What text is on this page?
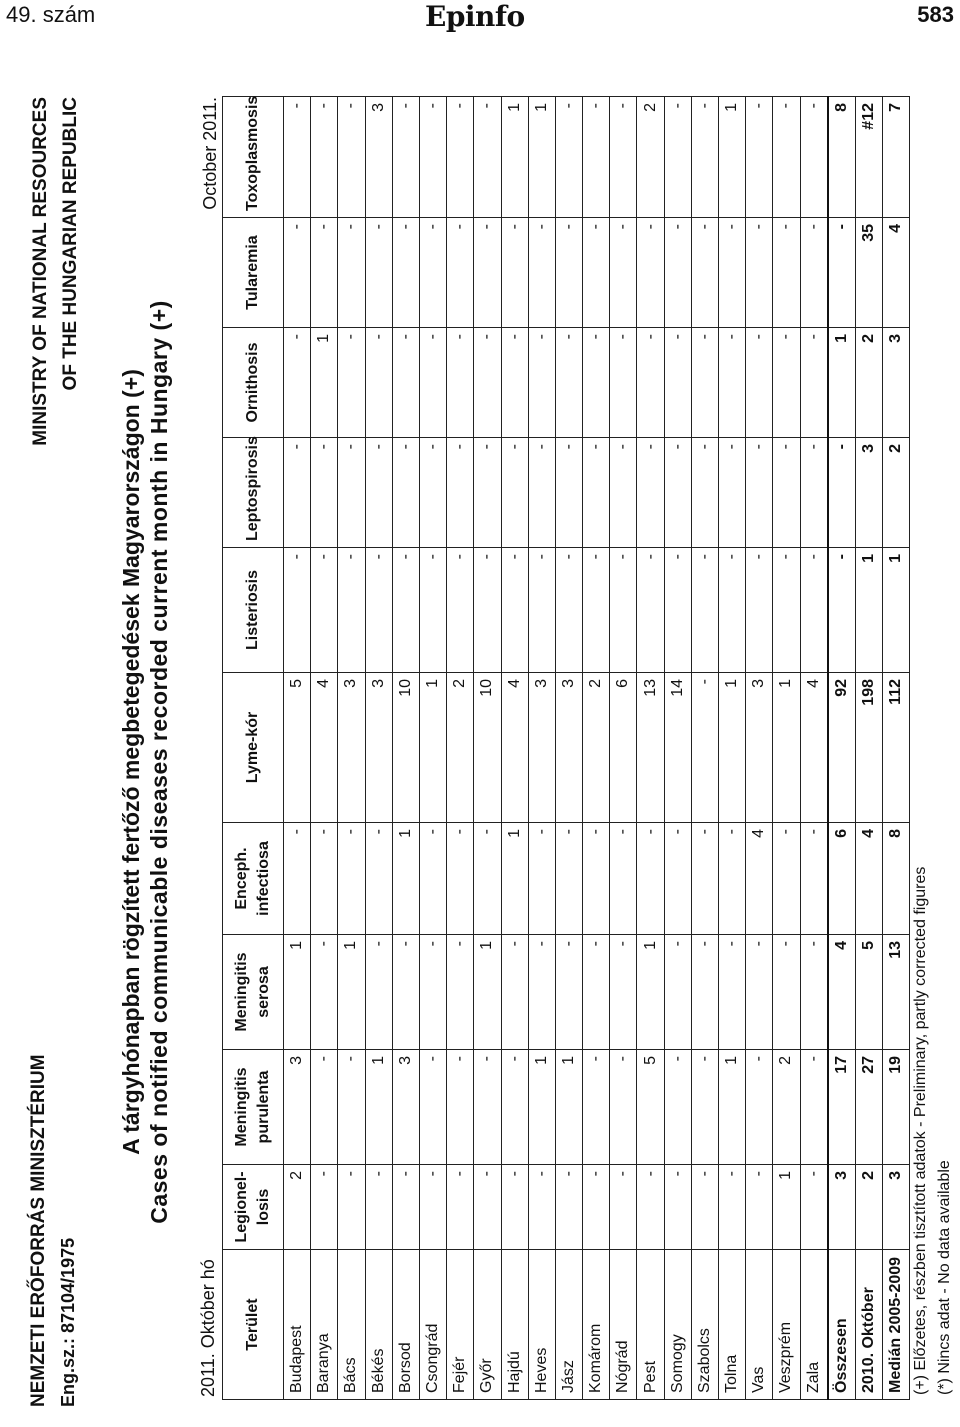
49. szám	Epinfo	583
NEMZETI ERŐFORRÁS MINISZTÉRIUM Eng.sz.: 87104/1975
MINISTRY OF NATIONAL RESOURCES OF THE HUNGARIAN REPUBLIC
A tárgyhónapban rögzített fertőző megbetegedések Magyarországon (+) Cases of notified communicable diseases recorded current month in Hungary (+)
2011. Október hó
October 2011.
Terület	Legionel-losis	Meningitis purulenta	Meningitis serosa	Enceph. infectiosa	Lyme-kór	Listeriosis	Leptospirosis	Ornithosis	Tularemia	Toxoplasmosis
Budapest	2	3	1	-	5	-	-	-	-	-
Baranya	-	-	-	-	4	-	-	1	-	-
Bács	-	-	1	-	3	-	-	-	-	-
Békés	-	1	-	-	3	-	-	-	-	3
Borsod	-	3	-	1	10	-	-	-	-	-
Csongrád	-	-	-	-	1	-	-	-	-	-
Fejér	-	-	-	-	2	-	-	-	-	-
Győr	-	-	1	-	10	-	-	-	-	-
Hajdú	-	-	-	1	4	-	-	-	-	1
Heves	-	1	-	-	3	-	-	-	-	1
Jász	-	1	-	-	3	-	-	-	-	-
Komárom	-	-	-	-	2	-	-	-	-	-
Nógrád	-	-	-	-	6	-	-	-	-	-
Pest	-	5	1	-	13	-	-	-	-	2
Somogy	-	-	-	-	14	-	-	-	-	-
Szabolcs	-	-	-	-	-	-	-	-	-	-
Tolna	-	1	-	-	1	-	-	-	-	1
Vas	-	-	-	4	3	-	-	-	-	-
Veszprém	1	2	-	-	1	-	-	-	-	-
Zala	-	-	-	-	4	-	-	-	-	-
Összesen	3	17	4	6	92	-	-	1	-	8
2010. Október	2	27	5	4	198	1	3	2	35	#12
Medián 2005-2009	3	19	13	8	112	1	2	3	4	7
(+) Előzetes, részben tisztított adatok - Preliminary, partly corrected figures (*) Nincs adat - No data available
